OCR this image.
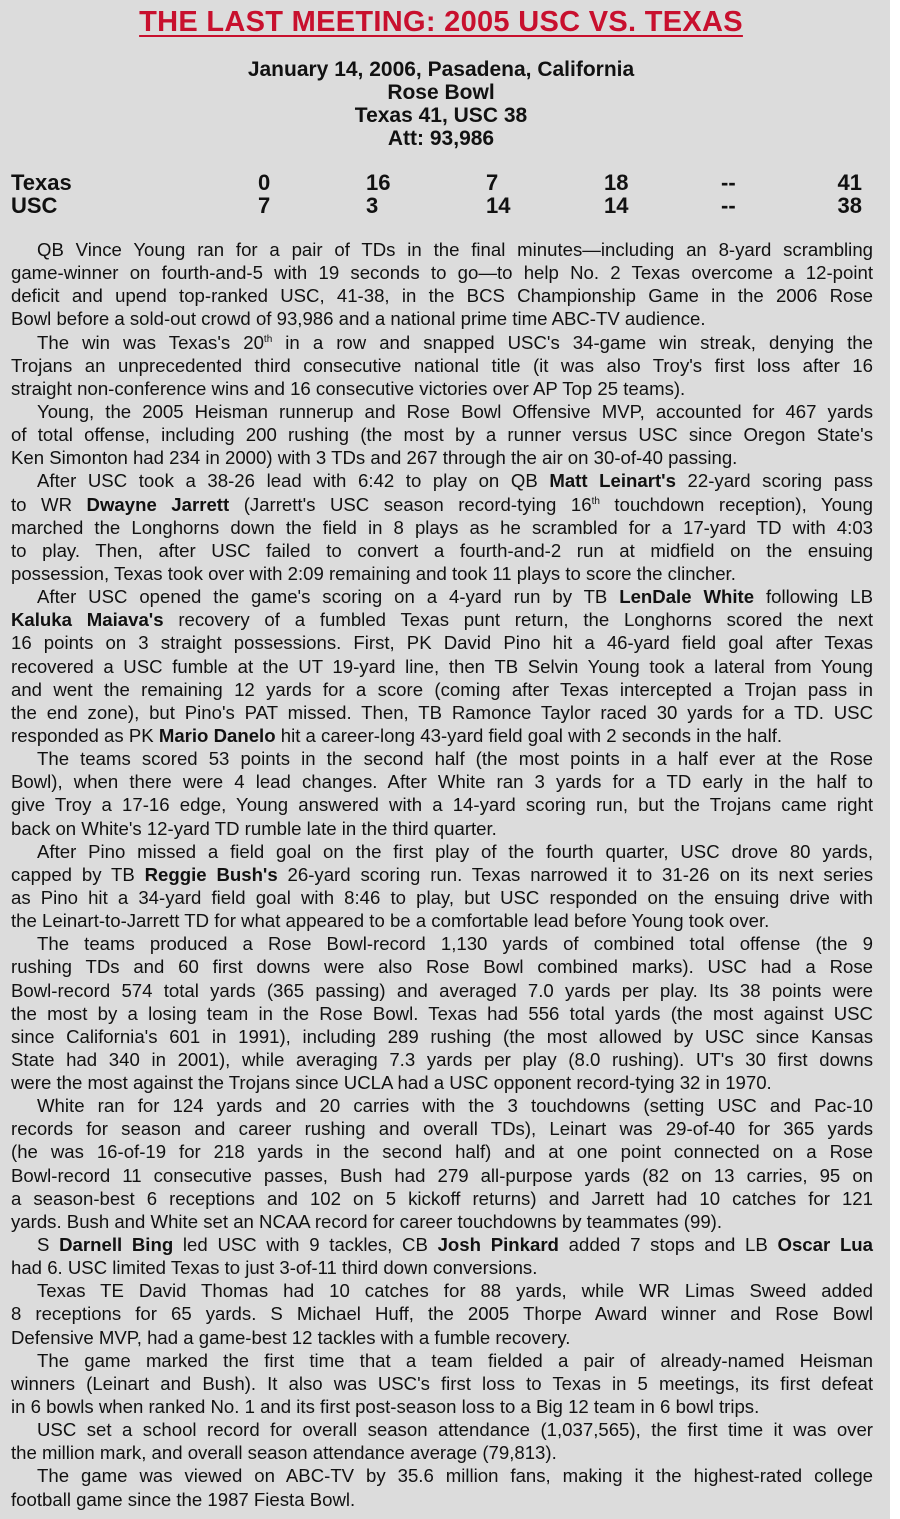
THE LAST MEETING: 2005 USC VS. TEXAS
January 14, 2006, Pasadena, California
Rose Bowl
Texas 41, USC 38
Att: 93,986
Texas	0	16	7	18	--	41
USC	7	3	14	14	--	38
QB Vince Young ran for a pair of TDs in the final minutes—including an 8-yard scrambling
game-winner on fourth-and-5 with 19 seconds to go—to help No. 2 Texas overcome a 12-point
deficit and upend top-ranked USC, 41-38, in the BCS Championship Game in the 2006 Rose
Bowl before a sold-out crowd of 93,986 and a national prime time ABC-TV audience.
The win was Texas's 20th in a row and snapped USC's 34-game win streak, denying the
Trojans an unprecedented third consecutive national title (it was also Troy's first loss after 16
straight non-conference wins and 16 consecutive victories over AP Top 25 teams).
Young, the 2005 Heisman runnerup and Rose Bowl Offensive MVP, accounted for 467 yards
of total offense, including 200 rushing (the most by a runner versus USC since Oregon State's
Ken Simonton had 234 in 2000) with 3 TDs and 267 through the air on 30-of-40 passing.
After USC took a 38-26 lead with 6:42 to play on QB Matt Leinart's 22-yard scoring pass
to WR Dwayne Jarrett (Jarrett's USC season record-tying 16th touchdown reception), Young
marched the Longhorns down the field in 8 plays as he scrambled for a 17-yard TD with 4:03
to play. Then, after USC failed to convert a fourth-and-2 run at midfield on the ensuing
possession, Texas took over with 2:09 remaining and took 11 plays to score the clincher.
After USC opened the game's scoring on a 4-yard run by TB LenDale White following LB
Kaluka Maiava's recovery of a fumbled Texas punt return, the Longhorns scored the next
16 points on 3 straight possessions. First, PK David Pino hit a 46-yard field goal after Texas
recovered a USC fumble at the UT 19-yard line, then TB Selvin Young took a lateral from Young
and went the remaining 12 yards for a score (coming after Texas intercepted a Trojan pass in
the end zone), but Pino's PAT missed. Then, TB Ramonce Taylor raced 30 yards for a TD. USC
responded as PK Mario Danelo hit a career-long 43-yard field goal with 2 seconds in the half.
The teams scored 53 points in the second half (the most points in a half ever at the Rose
Bowl), when there were 4 lead changes. After White ran 3 yards for a TD early in the half to
give Troy a 17-16 edge, Young answered with a 14-yard scoring run, but the Trojans came right
back on White's 12-yard TD rumble late in the third quarter.
After Pino missed a field goal on the first play of the fourth quarter, USC drove 80 yards,
capped by TB Reggie Bush's 26-yard scoring run. Texas narrowed it to 31-26 on its next series
as Pino hit a 34-yard field goal with 8:46 to play, but USC responded on the ensuing drive with
the Leinart-to-Jarrett TD for what appeared to be a comfortable lead before Young took over.
The teams produced a Rose Bowl-record 1,130 yards of combined total offense (the 9
rushing TDs and 60 first downs were also Rose Bowl combined marks). USC had a Rose
Bowl-record 574 total yards (365 passing) and averaged 7.0 yards per play. Its 38 points were
the most by a losing team in the Rose Bowl. Texas had 556 total yards (the most against USC
since California's 601 in 1991), including 289 rushing (the most allowed by USC since Kansas
State had 340 in 2001), while averaging 7.3 yards per play (8.0 rushing). UT's 30 first downs
were the most against the Trojans since UCLA had a USC opponent record-tying 32 in 1970.
White ran for 124 yards and 20 carries with the 3 touchdowns (setting USC and Pac-10
records for season and career rushing and overall TDs), Leinart was 29-of-40 for 365 yards
(he was 16-of-19 for 218 yards in the second half) and at one point connected on a Rose
Bowl-record 11 consecutive passes, Bush had 279 all-purpose yards (82 on 13 carries, 95 on
a season-best 6 receptions and 102 on 5 kickoff returns) and Jarrett had 10 catches for 121
yards. Bush and White set an NCAA record for career touchdowns by teammates (99).
S Darnell Bing led USC with 9 tackles, CB Josh Pinkard added 7 stops and LB Oscar Lua
had 6. USC limited Texas to just 3-of-11 third down conversions.
Texas TE David Thomas had 10 catches for 88 yards, while WR Limas Sweed added
8 receptions for 65 yards. S Michael Huff, the 2005 Thorpe Award winner and Rose Bowl
Defensive MVP, had a game-best 12 tackles with a fumble recovery.
The game marked the first time that a team fielded a pair of already-named Heisman
winners (Leinart and Bush). It also was USC's first loss to Texas in 5 meetings, its first defeat
in 6 bowls when ranked No. 1 and its first post-season loss to a Big 12 team in 6 bowl trips.
USC set a school record for overall season attendance (1,037,565), the first time it was over
the million mark, and overall season attendance average (79,813).
The game was viewed on ABC-TV by 35.6 million fans, making it the highest-rated college
football game since the 1987 Fiesta Bowl.
